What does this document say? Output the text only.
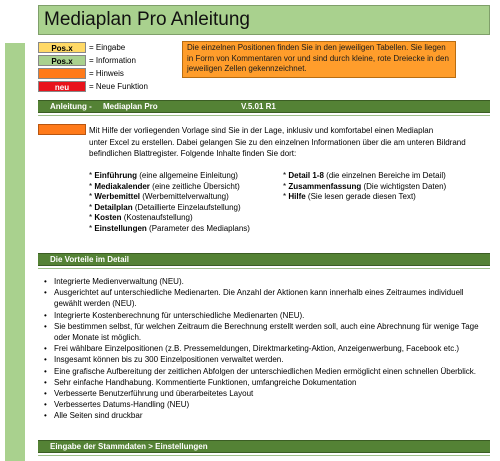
Mediaplan Pro Anleitung
Pos.x	= Eingabe
Pos.x	= Information
= Hinweis
neu	= Neue Funktion
Die einzelnen Positionen finden Sie in den jeweiligen Tabellen. Sie liegen in Form von Kommentaren vor und sind durch kleine, rote Dreiecke in den jeweiligen Zellen gekennzeichnet.
Anleitung - Mediaplan Pro	V.5.01 R1
Mit Hilfe der vorliegenden Vorlage sind Sie in der Lage, inklusiv und komfortabel einen Mediaplan
unter Excel zu erstellen. Dabei gelangen Sie zu den einzelnen Informationen über die am unteren Bildrand
befindlichen Blattregister. Folgende Inhalte finden Sie dort:
* Einführung (eine allgemeine Einleitung)
* Mediakalender (eine zeitliche Übersicht)
* Werbemittel (Werbemittelverwaltung)
* Detailplan (Detaillierte Einzelaufstellung)
* Kosten (Kostenaufstellung)
* Einstellungen (Parameter des Mediaplans)
* Detail 1-8 (die einzelnen Bereiche im Detail)
* Zusammenfassung (Die wichtigsten Daten)
* Hilfe (Sie lesen gerade diesen Text)
Die Vorteile im Detail
• Integrierte Medienverwaltung (NEU).
• Ausgerichtet auf unterschiedliche Medienarten. Die Anzahl der Aktionen kann innerhalb eines Zeitraumes individuell
gewählt werden (NEU).
• Integrierte Kostenberechnung für unterschiedliche Medienarten (NEU).
• Sie bestimmen selbst, für welchen Zeitraum die Berechnung erstellt werden soll, auch eine Abrechnung für wenige Tage
oder Monate ist möglich.
• Frei wählbare Einzelpositionen (z.B. Pressemeldungen, Direktmarketing-Aktion, Anzeigenwerbung, Facebook etc.)
• Insgesamt können bis zu 300 Einzelpositionen verwaltet werden.
• Eine grafische Aufbereitung der zeitlichen Abfolgen der unterschiedlichen Medien ermöglicht einen schnellen Überblick.
• Sehr einfache Handhabung. Kommentierte Funktionen, umfangreiche Dokumentation
• Verbesserte Benutzerführung und überarbeitetes Layout
• Verbessertes Datums-Handling (NEU)
• Alle Seiten sind druckbar
Eingabe der Stammdaten > Einstellungen
